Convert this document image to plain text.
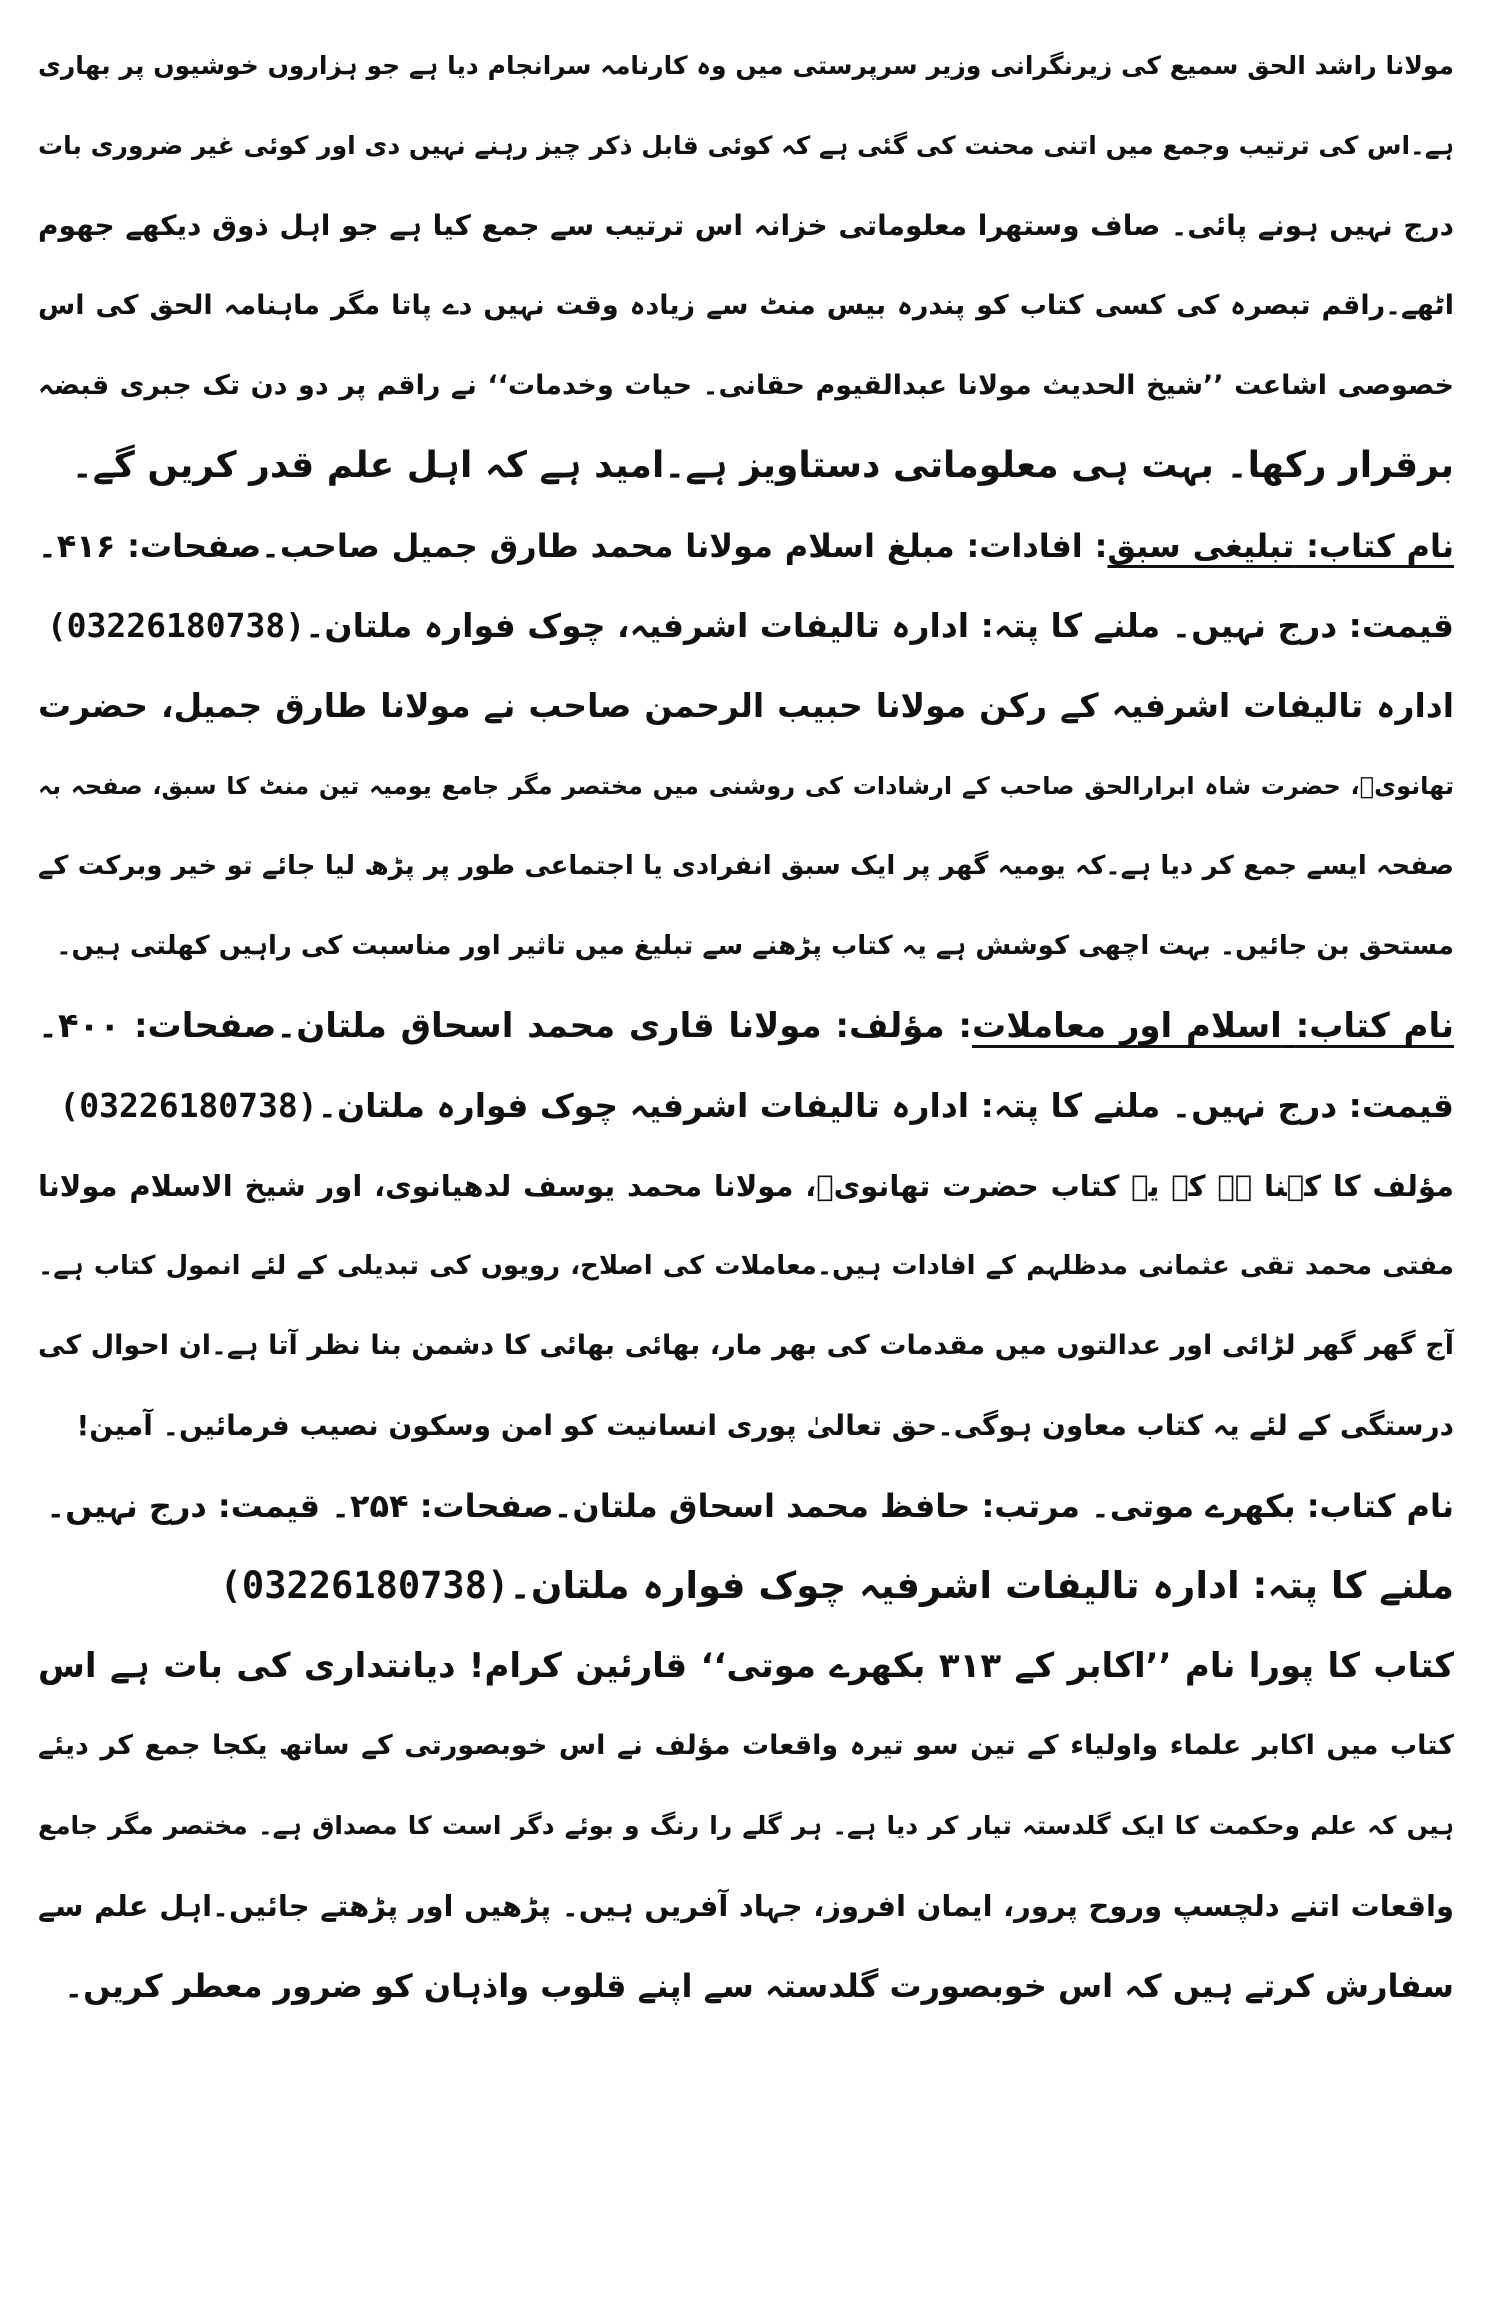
مولانا راشد الحق سمیع کی زیرنگرانی وزیر سرپرستی میں وہ کارنامہ سرانجام دیا ہے جو ہزاروں خوشیوں پر بھاری
ہے۔اس کی ترتیب وجمع میں اتنی محنت کی گئی ہے کہ کوئی قابل ذکر چیز رہنے نہیں دی اور کوئی غیر ضروری بات
درج نہیں ہونے پائی۔ صاف وستھرا معلوماتی خزانہ اس ترتیب سے جمع کیا ہے جو اہل ذوق دیکھے جھوم
اٹھے۔راقم تبصرہ کی کسی کتاب کو پندرہ بیس منٹ سے زیادہ وقت نہیں دے پاتا مگر ماہنامہ الحق کی اس
خصوصی اشاعت ’’شیخ الحدیث مولانا عبدالقیوم حقانی۔ حیات وخدمات‘‘ نے راقم پر دو دن تک جبری قبضہ
برقرار رکھا۔ بہت ہی معلوماتی دستاویز ہے۔امید ہے کہ اہل علم قدر کریں گے۔
نام کتاب: تبلیغی سبق: افادات: مبلغ اسلام مولانا محمد طارق جمیل صاحب۔صفحات: ۴۱۶۔
قیمت: درج نہیں۔ ملنے کا پتہ: ادارہ تالیفات اشرفیہ، چوک فوارہ ملتان۔(03226180738)
ادارہ تالیفات اشرفیہ کے رکن مولانا حبیب الرحمن صاحب نے مولانا طارق جمیل، حضرت
تھانویؒ، حضرت شاہ ابرارالحق صاحب کے ارشادات کی روشنی میں مختصر مگر جامع یومیہ تین منٹ کا سبق، صفحہ بہ
صفحہ ایسے جمع کر دیا ہے۔کہ یومیہ گھر پر ایک سبق انفرادی یا اجتماعی طور پر پڑھ لیا جائے تو خیر وبرکت کے
مستحق بن جائیں۔ بہت اچھی کوشش ہے یہ کتاب پڑھنے سے تبلیغ میں تاثیر اور مناسبت کی راہیں کھلتی ہیں۔
نام کتاب: اسلام اور معاملات: مؤلف: مولانا قاری محمد اسحاق ملتان۔صفحات: ۴۰۰۔
قیمت: درج نہیں۔ ملنے کا پتہ: ادارہ تالیفات اشرفیہ چوک فوارہ ملتان۔(03226180738)
مؤلف کا کہنا ہے کہ یہ کتاب حضرت تھانویؒ، مولانا محمد یوسف لدھیانوی، اور شیخ الاسلام مولانا
مفتی محمد تقی عثمانی مدظلہم کے افادات ہیں۔معاملات کی اصلاح، رویوں کی تبدیلی کے لئے انمول کتاب ہے۔
آج گھر گھر لڑائی اور عدالتوں میں مقدمات کی بھر مار، بھائی بھائی کا دشمن بنا نظر آتا ہے۔ان احوال کی
درستگی کے لئے یہ کتاب معاون ہوگی۔حق تعالیٰ پوری انسانیت کو امن وسکون نصیب فرمائیں۔ آمین!
نام کتاب: بکھرے موتی۔ مرتب: حافظ محمد اسحاق ملتان۔صفحات: ۲۵۴۔ قیمت: درج نہیں۔
ملنے کا پتہ: ادارہ تالیفات اشرفیہ چوک فوارہ ملتان۔(03226180738)
کتاب کا پورا نام ’’اکابر کے ۳۱۳ بکھرے موتی‘‘ قارئین کرام! دیانتداری کی بات ہے اس
کتاب میں اکابر علماء واولیاء کے تین سو تیرہ واقعات مؤلف نے اس خوبصورتی کے ساتھ یکجا جمع کر دیئے
ہیں کہ علم وحکمت کا ایک گلدستہ تیار کر دیا ہے۔ ہر گلے را رنگ و بوئے دگر است کا مصداق ہے۔ مختصر مگر جامع
واقعات اتنے دلچسپ وروح پرور، ایمان افروز، جہاد آفریں ہیں۔ پڑھیں اور پڑھتے جائیں۔اہل علم سے
سفارش کرتے ہیں کہ اس خوبصورت گلدستہ سے اپنے قلوب واذہان کو ضرور معطر کریں۔
